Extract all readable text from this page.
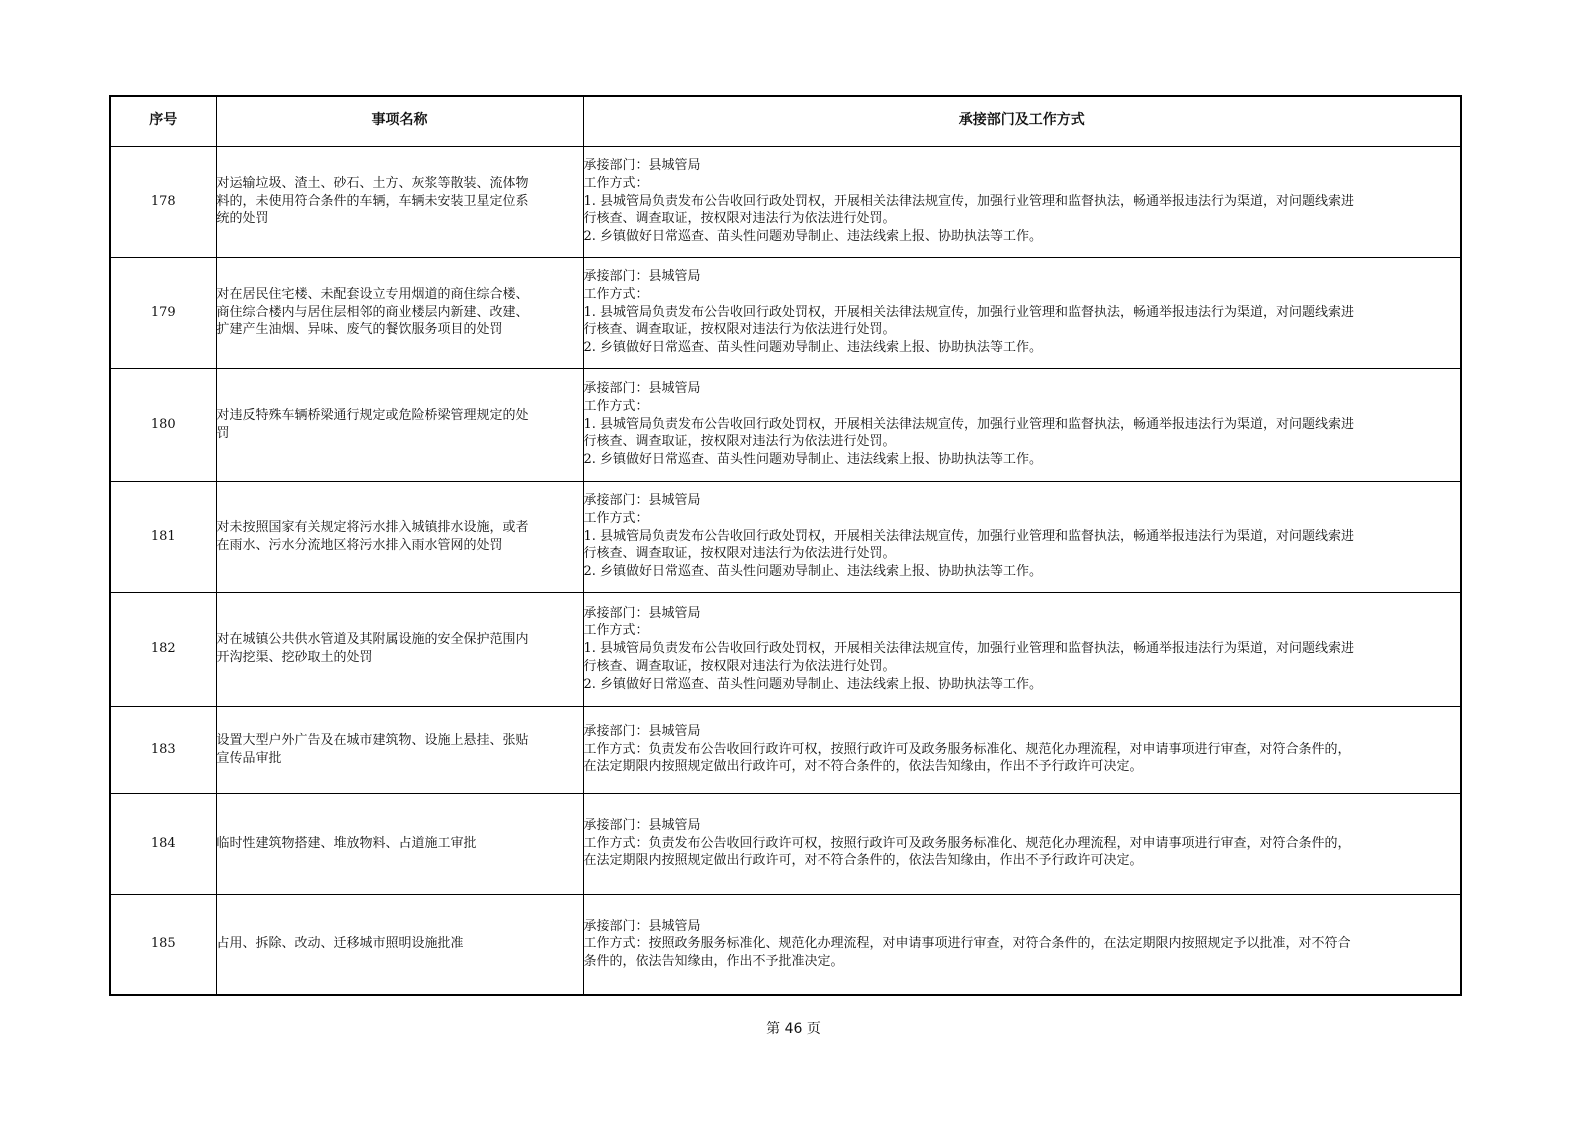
序号	事项名称	承接部门及工作方式
178	对运输垃圾、渣土、砂石、土方、灰浆等散装、流体物
料的，未使用符合条件的车辆，车辆未安装卫星定位系
统的处罚	承接部门：县城管局
工作方式：
1. 县城管局负责发布公告收回行政处罚权，开展相关法律法规宣传，加强行业管理和监督执法，畅通举报违法行为渠道，对问题线索进
行核查、调查取证，按权限对违法行为依法进行处罚。
2. 乡镇做好日常巡查、苗头性问题劝导制止、违法线索上报、协助执法等工作。

179	对在居民住宅楼、未配套设立专用烟道的商住综合楼、
商住综合楼内与居住层相邻的商业楼层内新建、改建、
扩建产生油烟、异味、废气的餐饮服务项目的处罚	承接部门：县城管局
工作方式：
1. 县城管局负责发布公告收回行政处罚权，开展相关法律法规宣传，加强行业管理和监督执法，畅通举报违法行为渠道，对问题线索进
行核查、调查取证，按权限对违法行为依法进行处罚。
2. 乡镇做好日常巡查、苗头性问题劝导制止、违法线索上报、协助执法等工作。

180	对违反特殊车辆桥梁通行规定或危险桥梁管理规定的处
罚	承接部门：县城管局
工作方式：
1. 县城管局负责发布公告收回行政处罚权，开展相关法律法规宣传，加强行业管理和监督执法，畅通举报违法行为渠道，对问题线索进
行核查、调查取证，按权限对违法行为依法进行处罚。
2. 乡镇做好日常巡查、苗头性问题劝导制止、违法线索上报、协助执法等工作。

181	对未按照国家有关规定将污水排入城镇排水设施，或者
在雨水、污水分流地区将污水排入雨水管网的处罚	承接部门：县城管局
工作方式：
1. 县城管局负责发布公告收回行政处罚权，开展相关法律法规宣传，加强行业管理和监督执法，畅通举报违法行为渠道，对问题线索进
行核查、调查取证，按权限对违法行为依法进行处罚。
2. 乡镇做好日常巡查、苗头性问题劝导制止、违法线索上报、协助执法等工作。

182	对在城镇公共供水管道及其附属设施的安全保护范围内
开沟挖渠、挖砂取土的处罚	承接部门：县城管局
工作方式：
1. 县城管局负责发布公告收回行政处罚权，开展相关法律法规宣传，加强行业管理和监督执法，畅通举报违法行为渠道，对问题线索进
行核查、调查取证，按权限对违法行为依法进行处罚。
2. 乡镇做好日常巡查、苗头性问题劝导制止、违法线索上报、协助执法等工作。

183	设置大型户外广告及在城市建筑物、设施上悬挂、张贴
宣传品审批	承接部门：县城管局
工作方式：负责发布公告收回行政许可权，按照行政许可及政务服务标准化、规范化办理流程，对申请事项进行审查，对符合条件的，
在法定期限内按照规定做出行政许可，对不符合条件的，依法告知缘由，作出不予行政许可决定。

184	临时性建筑物搭建、堆放物料、占道施工审批	承接部门：县城管局
工作方式：负责发布公告收回行政许可权，按照行政许可及政务服务标准化、规范化办理流程，对申请事项进行审查，对符合条件的，
在法定期限内按照规定做出行政许可，对不符合条件的，依法告知缘由，作出不予行政许可决定。

185	占用、拆除、改动、迁移城市照明设施批准	承接部门：县城管局
工作方式：按照政务服务标准化、规范化办理流程，对申请事项进行审查，对符合条件的，在法定期限内按照规定予以批准，对不符合
条件的，依法告知缘由，作出不予批准决定。
第 46 页
